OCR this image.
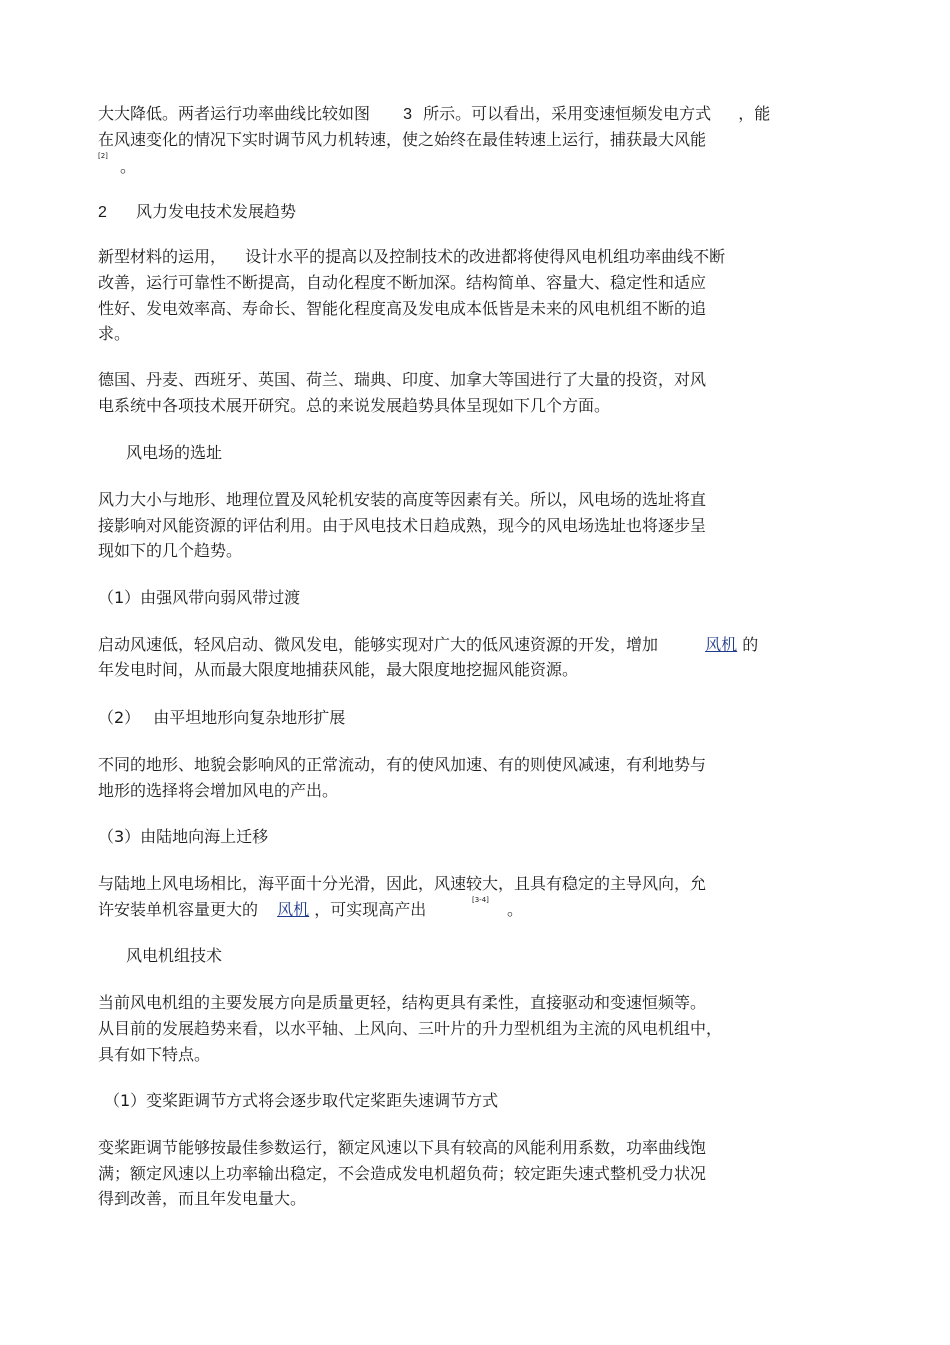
大大降低。两者运行功率曲线比较如图 3 所示。可以看出，采用变速恒频发电方式 ，能
在风速变化的情况下实时调节风力机转速，使之始终在最佳转速上运行，捕获最大风能
[2]
。
2 风力发电技术发展趋势
新型材料的运用， 设计水平的提高以及控制技术的改进都将使得风电机组功率曲线不断
改善，运行可靠性不断提高，自动化程度不断加深。结构简单、容量大、稳定性和适应
性好、发电效率高、寿命长、智能化程度高及发电成本低皆是未来的风电机组不断的追
求。
德国、丹麦、西班牙、英国、荷兰、瑞典、印度、加拿大等国进行了大量的投资，对风
电系统中各项技术展开研究。总的来说发展趋势具体呈现如下几个方面。
风电场的选址
风力大小与地形、地理位置及风轮机安装的高度等因素有关。所以，风电场的选址将直
接影响对风能资源的评估利用。由于风电技术日趋成熟，现今的风电场选址也将逐步呈
现如下的几个趋势。
（1）由强风带向弱风带过渡
启动风速低，轻风启动、微风发电，能够实现对广大的低风速资源的开发，增加	风机 的
年发电时间，从而最大限度地捕获风能，最大限度地挖掘风能资源。
（2） 由平坦地形向复杂地形扩展
不同的地形、地貌会影响风的正常流动，有的使风加速、有的则使风减速，有利地势与
地形的选择将会增加风电的产出。
（3）由陆地向海上迁移
与陆地上风电场相比，海平面十分光滑，因此，风速较大，且具有稳定的主导风向，允
许安装单机容量更大的 风机 ，可实现高产出	[3-4] 。
风电机组技术
当前风电机组的主要发展方向是质量更轻，结构更具有柔性，直接驱动和变速恒频等。
从目前的发展趋势来看，以水平轴、上风向、三叶片的升力型机组为主流的风电机组中，
具有如下特点。
（1）变桨距调节方式将会逐步取代定桨距失速调节方式
变桨距调节能够按最佳参数运行，额定风速以下具有较高的风能利用系数，功率曲线饱
满；额定风速以上功率输出稳定，不会造成发电机超负荷；较定距失速式整机受力状况
得到改善，而且年发电量大。
